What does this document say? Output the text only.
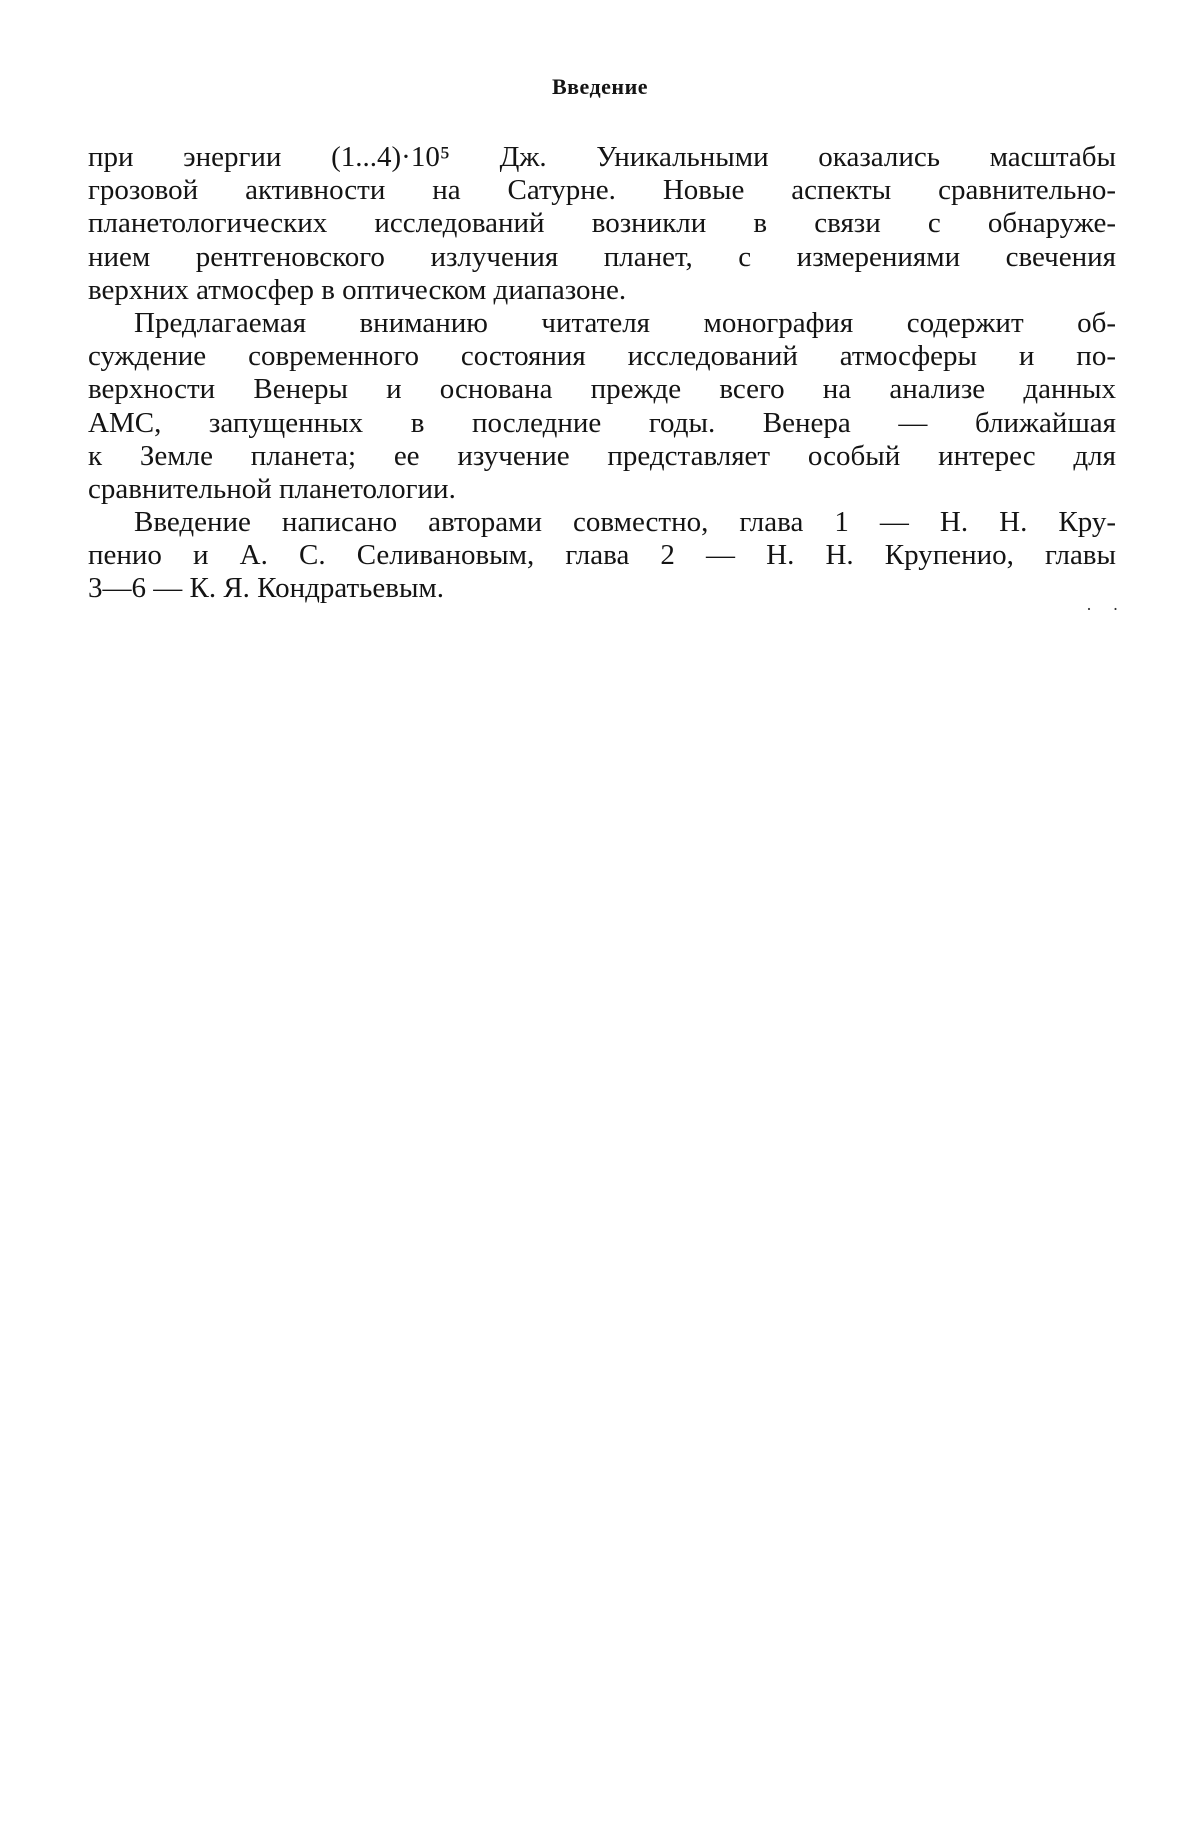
Введение
при энергии (1...4)·10⁵ Дж. Уникальными оказались масштабы
грозовой активности на Сатурне. Новые аспекты сравнительно-
планетологических исследований возникли в связи с обнаруже-
нием рентгеновского излучения планет, с измерениями свечения
верхних атмосфер в оптическом диапазоне.
Предлагаемая вниманию читателя монография содержит об-
суждение современного состояния исследований атмосферы и по-
верхности Венеры и основана прежде всего на анализе данных
АМС, запущенных в последние годы. Венера — ближайшая
к Земле планета; ее изучение представляет особый интерес для
сравнительной планетологии.
Введение написано авторами совместно, глава 1 — Н. Н. Кру-
пенио и А. С. Селивановым, глава 2 — Н. Н. Крупенио, главы
3—6 — К. Я. Кондратьевым.
· ·
